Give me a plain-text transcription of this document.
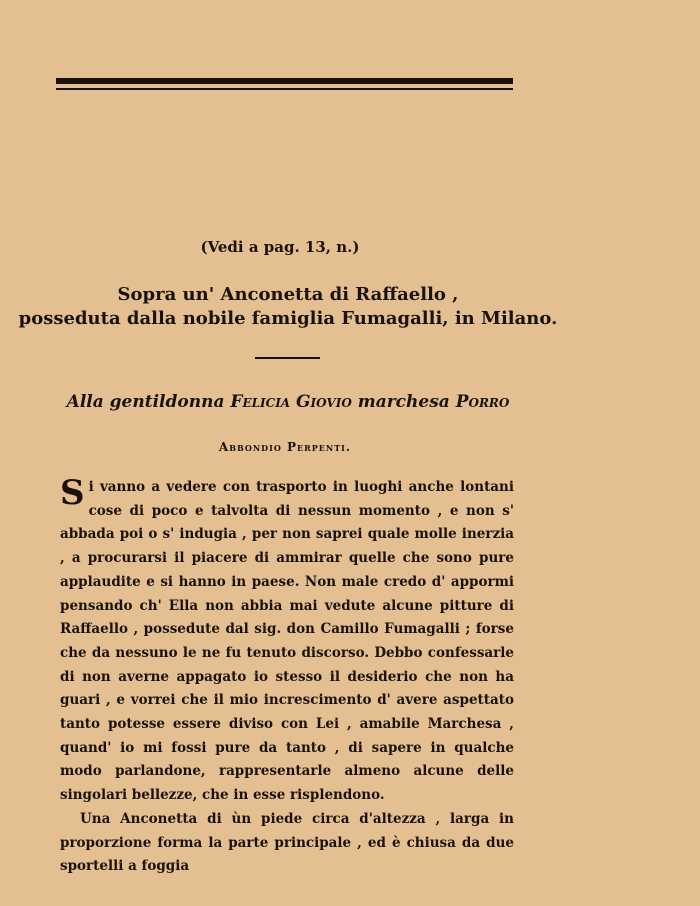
(Vedi a pag. 13, n.)
Sopra un' Anconetta di Raffaello ,
posseduta dalla nobile famiglia Fumagalli, in Milano.
Alla gentildonna Felicia Giovio marchesa Porro
Abbondio Perpenti.
Si vanno a vedere con trasporto in luoghi anche lontani cose di poco e talvolta di nessun momento , e non s' abbada poi o s' indugia , per non saprei quale molle inerzia , a procurarsi il piacere di ammirar quelle che sono pure applaudite e si hanno in paese. Non male credo d' appormi pensando ch' Ella non abbia mai vedute alcune pitture di Raffaello , possedute dal sig. don Camillo Fumagalli ; forse che da nessuno le ne fu tenuto discorso. Debbo confessarle di non averne appagato io stesso il desiderio che non ha guari , e vorrei che il mio increscimento d' avere aspettato tanto potesse essere diviso con Lei , amabile Marchesa , quand' io mi fossi pure da tanto , di sapere in qualche modo parlandone, rappresentarle almeno alcune delle singolari bellezze, che in esse risplendono.
Una Anconetta di ùn piede circa d'altezza , larga in proporzione forma la parte principale , ed è chiusa da due sportelli a foggia
